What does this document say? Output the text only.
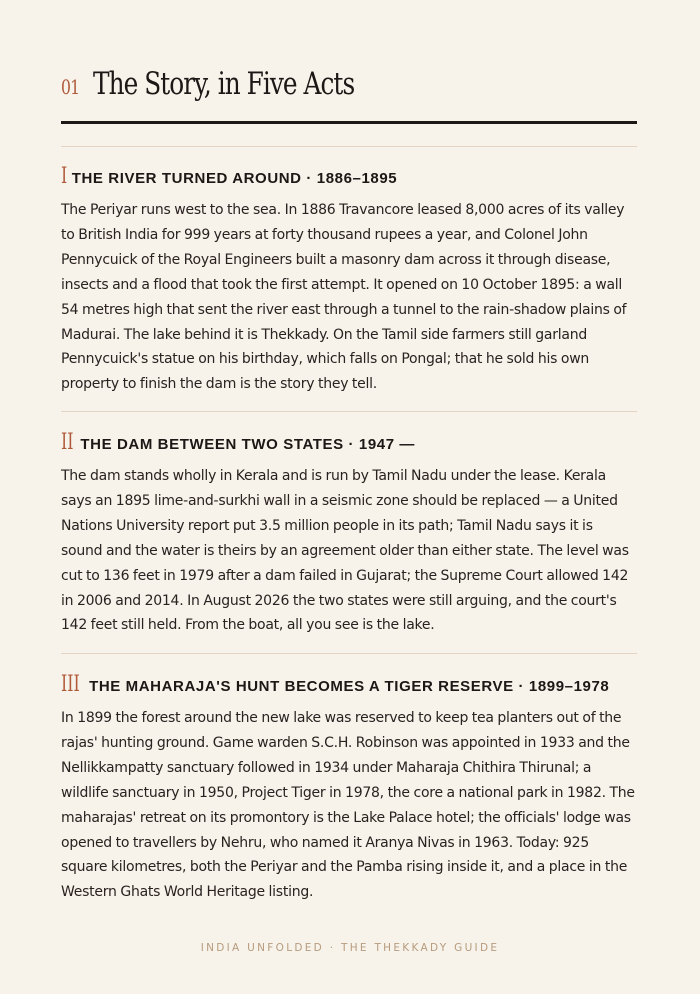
01 The Story, in Five Acts
I THE RIVER TURNED AROUND · 1886–1895
The Periyar runs west to the sea. In 1886 Travancore leased 8,000 acres of its valley to British India for 999 years at forty thousand rupees a year, and Colonel John Pennycuick of the Royal Engineers built a masonry dam across it through disease, insects and a flood that took the first attempt. It opened on 10 October 1895: a wall 54 metres high that sent the river east through a tunnel to the rain-shadow plains of Madurai. The lake behind it is Thekkady. On the Tamil side farmers still garland Pennycuick's statue on his birthday, which falls on Pongal; that he sold his own property to finish the dam is the story they tell.
II THE DAM BETWEEN TWO STATES · 1947 —
The dam stands wholly in Kerala and is run by Tamil Nadu under the lease. Kerala says an 1895 lime-and-surkhi wall in a seismic zone should be replaced — a United Nations University report put 3.5 million people in its path; Tamil Nadu says it is sound and the water is theirs by an agreement older than either state. The level was cut to 136 feet in 1979 after a dam failed in Gujarat; the Supreme Court allowed 142 in 2006 and 2014. In August 2026 the two states were still arguing, and the court's 142 feet still held. From the boat, all you see is the lake.
III THE MAHARAJA'S HUNT BECOMES A TIGER RESERVE · 1899–1978
In 1899 the forest around the new lake was reserved to keep tea planters out of the rajas' hunting ground. Game warden S.C.H. Robinson was appointed in 1933 and the Nellikkampatty sanctuary followed in 1934 under Maharaja Chithira Thirunal; a wildlife sanctuary in 1950, Project Tiger in 1978, the core a national park in 1982. The maharajas' retreat on its promontory is the Lake Palace hotel; the officials' lodge was opened to travellers by Nehru, who named it Aranya Nivas in 1963. Today: 925 square kilometres, both the Periyar and the Pamba rising inside it, and a place in the Western Ghats World Heritage listing.
INDIA UNFOLDED · THE THEKKADY GUIDE
